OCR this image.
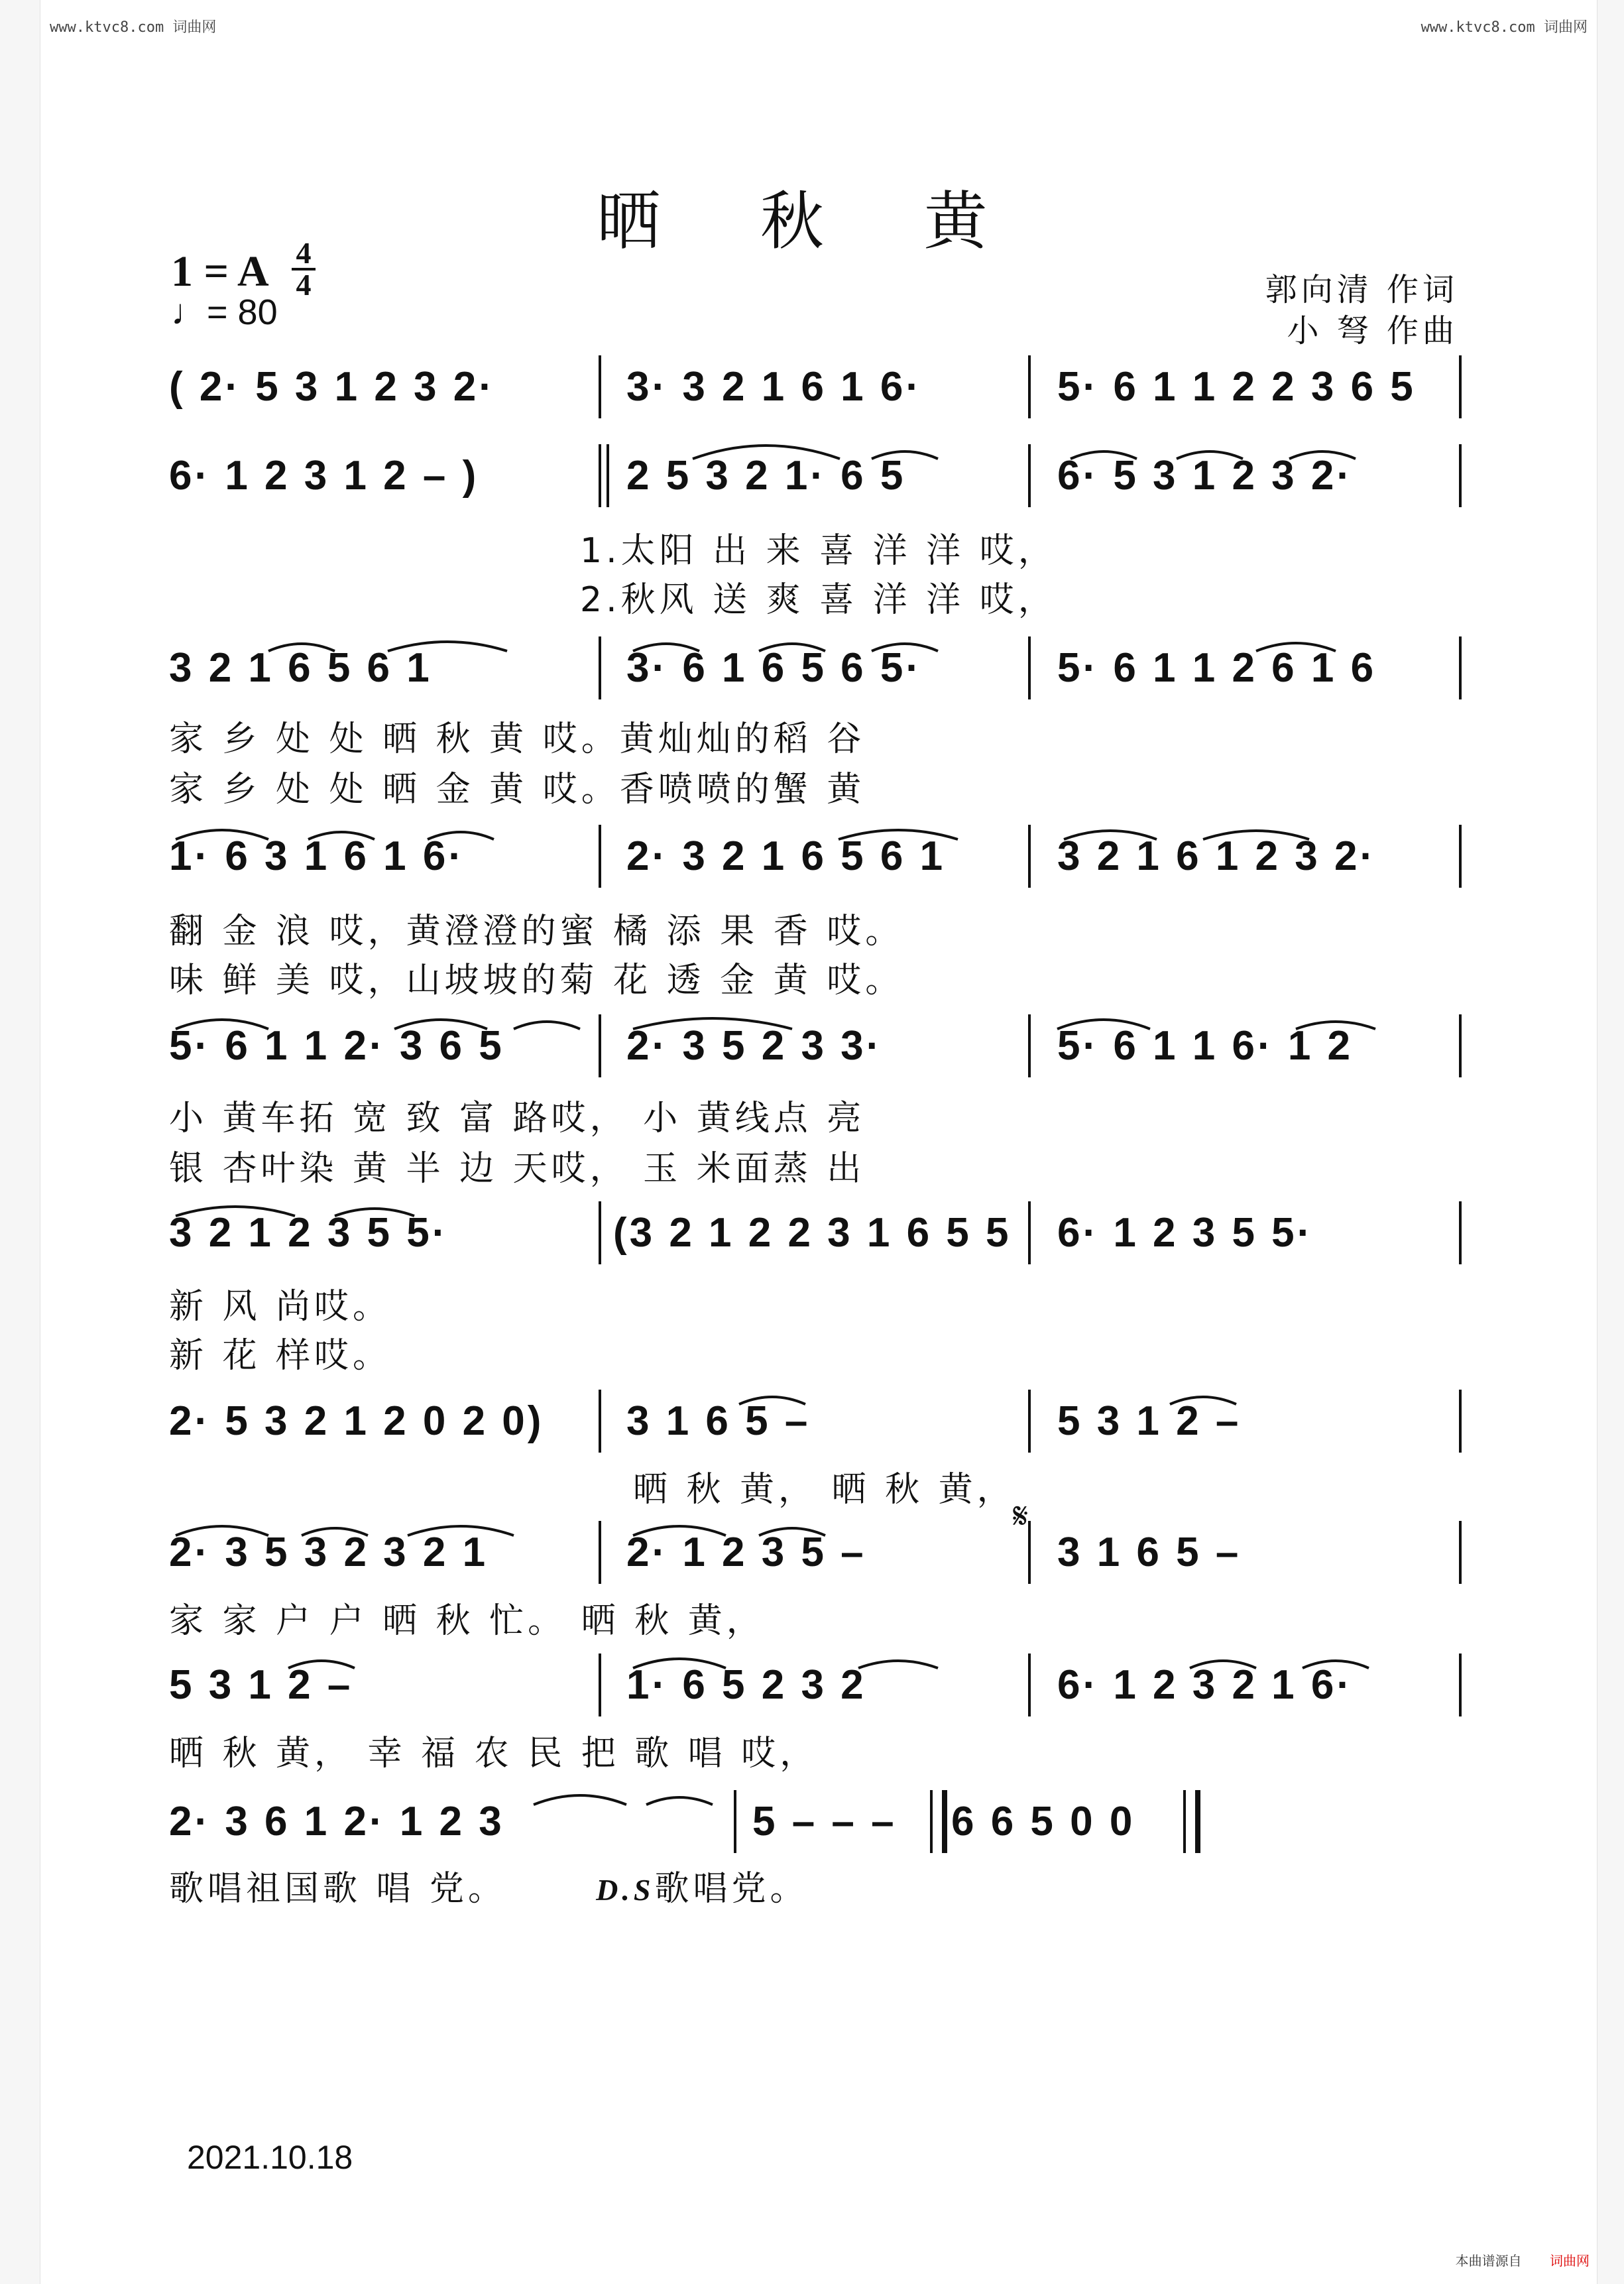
www.ktvc8.com 词曲网	www.ktvc8.com 词曲网
晒 秋 黄
1 = A 4
4
♩= 80
郭向清 作词
小 弩 作曲
( 2· 5 3 1 2 3 2·	3· 3 2 1 6 1 6·	5· 6 1 1 2 2 3 6 5
6· 1 2 3 1 2 – )	2 5 3 2 1· 6 5	6· 5 3 1 2 3 2·
1.太阳 出 来 喜 洋 洋 哎，
2.秋风 送 爽 喜 洋 洋 哎，
3 2 1 6 5 6 1	3· 6 1 6 5 6 5·	5· 6 1 1 2 6 1 6
家 乡 处 处 晒 秋 黄 哎。黄灿灿的稻 谷
家 乡 处 处 晒 金 黄 哎。香喷喷的蟹 黄
1· 6 3 1 6 1 6·	2· 3 2 1 6 5 6 1	3 2 1 6 1 2 3 2·
翻 金 浪 哎，黄澄澄的蜜 橘 添 果 香 哎。
味 鲜 美 哎，山坡坡的菊 花 透 金 黄 哎。
5· 6 1 1 2· 3 6 5	2· 3 5 2 3 3·	5· 6 1 1 6· 1 2
小 黄车拓 宽 致 富 路哎， 小 黄线点 亮
银 杏叶染 黄 半 边 天哎， 玉 米面蒸 出
3 2 1 2 3 5 5·	(3 2 1 2 2 3 1 6 5 5 6· 1 2 3 5 5·
新 风 尚哎。
新 花 样哎。
2· 5 3 2 1 2 0 2 0) 3 1 6 5 –	5 3 1 2 –
晒 秋 黄， 晒 秋 黄，
𝄋
2· 3 5 3 2 3 2 1	2· 1 2 3 5 –	3 1 6 5 –
家 家 户 户 晒 秋 忙。 晒 秋 黄，
5 3 1 2 –	1· 6 5 2 3 2	6· 1 2 3 2 1 6·
晒 秋 黄， 幸 福 农 民 把 歌 唱 哎，
2· 3 6 1 2· 1 2 3	5 – – – 6 6 5 0 0
歌唱祖国歌 唱 党。	D.S歌唱党。
2021.10.18
本曲谱源自 词曲网
